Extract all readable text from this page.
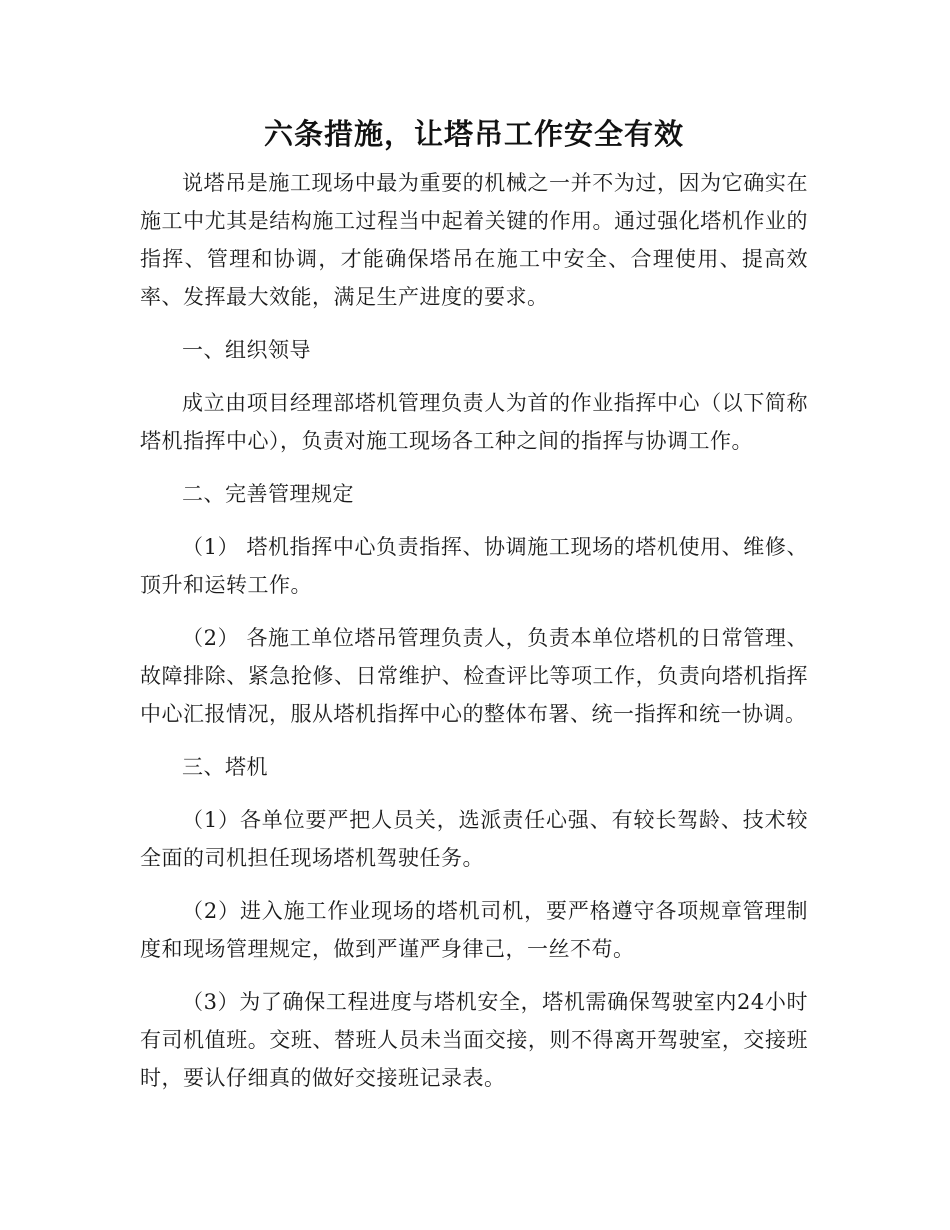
六条措施，让塔吊工作安全有效

说塔吊是施工现场中最为重要的机械之一并不为过，因为它确实在施工中尤其是结构施工过程当中起着关键的作用。通过强化塔机作业的指挥、管理和协调，才能确保塔吊在施工中安全、合理使用、提高效率、发挥最大效能，满足生产进度的要求。

一、组织领导

成立由项目经理部塔机管理负责人为首的作业指挥中心（以下简称塔机指挥中心），负责对施工现场各工种之间的指挥与协调工作。

二、完善管理规定

（1） 塔机指挥中心负责指挥、协调施工现场的塔机使用、维修、顶升和运转工作。

（2） 各施工单位塔吊管理负责人，负责本单位塔机的日常管理、故障排除、紧急抢修、日常维护、检查评比等项工作，负责向塔机指挥中心汇报情况，服从塔机指挥中心的整体布署、统一指挥和统一协调。

三、塔机

（1）各单位要严把人员关，选派责任心强、有较长驾龄、技术较全面的司机担任现场塔机驾驶任务。

（2）进入施工作业现场的塔机司机，要严格遵守各项规章管理制度和现场管理规定，做到严谨严身律己，一丝不苟。

（3）为了确保工程进度与塔机安全，塔机需确保驾驶室内24小时有司机值班。交班、替班人员未当面交接，则不得离开驾驶室，交接班时，要认仔细真的做好交接班记录表。
